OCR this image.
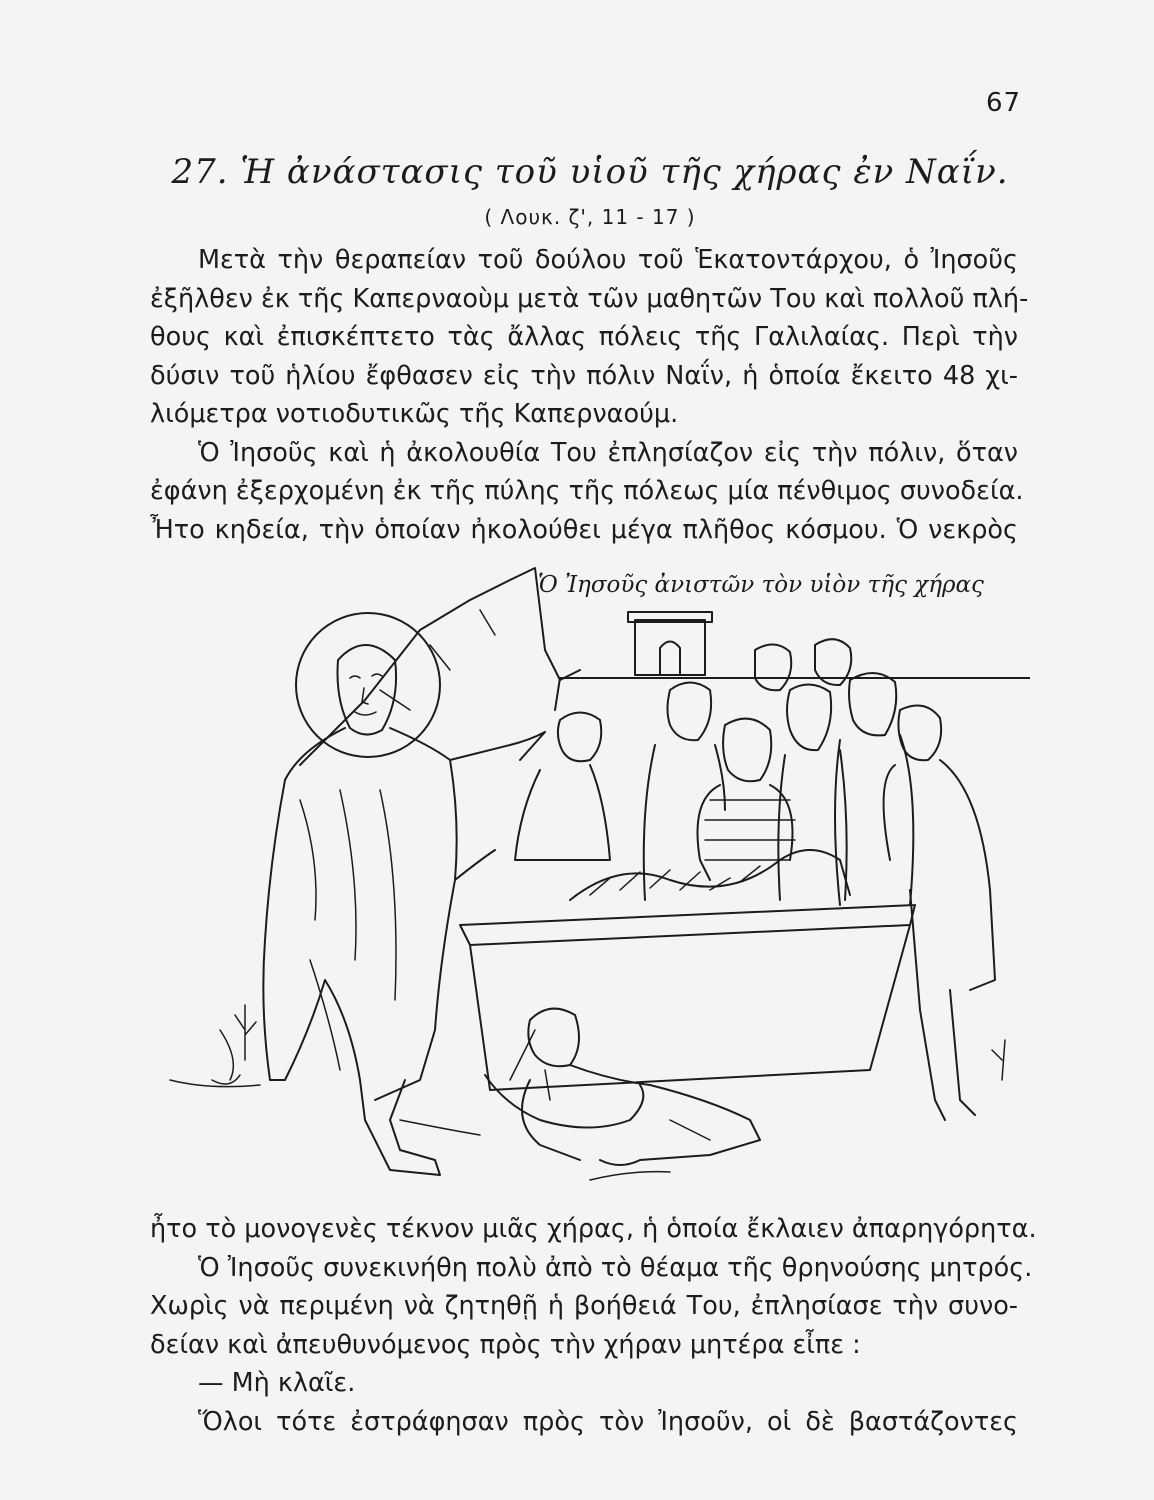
67
27. Ἡ ἀνάστασις τοῦ υἱοῦ τῆς χήρας ἐν Ναΐν.
( Λουκ. ζ', 11 - 17 )
Μετὰ τὴν θεραπείαν τοῦ δούλου τοῦ Ἑκατοντάρχου, ὁ Ἰησοῦς
ἐξῆλθεν ἐκ τῆς Καπερναοὺμ μετὰ τῶν μαθητῶν Του καὶ πολλοῦ πλή-
θους καὶ ἐπισκέπτετο τὰς ἄλλας πόλεις τῆς Γαλιλαίας. Περὶ τὴν
δύσιν τοῦ ἡλίου ἔφθασεν εἰς τὴν πόλιν Ναΐν, ἡ ὁποία ἔκειτο 48 χι-
λιόμετρα νοτιοδυτικῶς τῆς Καπερναούμ.
Ὁ Ἰησοῦς καὶ ἡ ἀκολουθία Του ἐπλησίαζον εἰς τὴν πόλιν, ὅταν
ἐφάνη ἐξερχομένη ἐκ τῆς πύλης τῆς πόλεως μία πένθιμος συνοδεία.
Ἦτο κηδεία, τὴν ὁποίαν ἠκολούθει μέγα πλῆθος κόσμου. Ὁ νεκρὸς
Ὁ Ἰησοῦς ἀνιστῶν τὸν υἱὸν τῆς χήρας
ἦτο τὸ μονογενὲς τέκνον μιᾶς χήρας, ἡ ὁποία ἔκλαιεν ἀπαρηγόρητα.
Ὁ Ἰησοῦς συνεκινήθη πολὺ ἀπὸ τὸ θέαμα τῆς θρηνούσης μητρός.
Χωρὶς νὰ περιμένη νὰ ζητηθῇ ἡ βοήθειά Του, ἐπλησίασε τὴν συνο-
δείαν καὶ ἀπευθυνόμενος πρὸς τὴν χήραν μητέρα εἶπε :
— Μὴ κλαῖε.
Ὅλοι τότε ἐστράφησαν πρὸς τὸν Ἰησοῦν, οἱ δὲ βαστάζοντες
